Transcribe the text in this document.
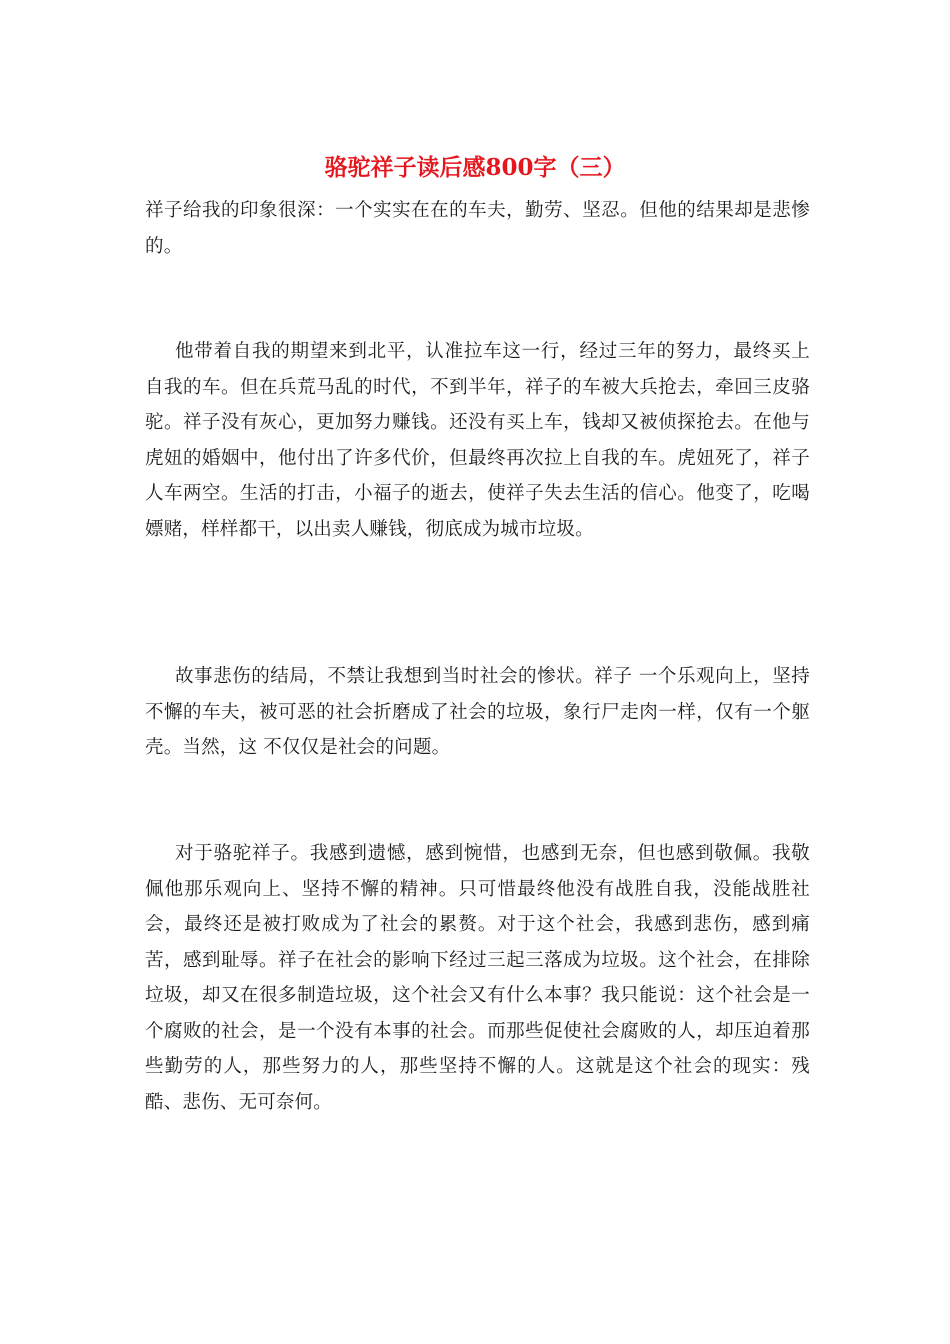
骆驼祥子读后感800字（三）

祥子给我的印象很深：一个实实在在的车夫，勤劳、坚忍。但他的结果却是悲惨的。

他带着自我的期望来到北平，认准拉车这一行，经过三年的努力，最终买上自我的车。但在兵荒马乱的时代，不到半年，祥子的车被大兵抢去，牵回三皮骆驼。祥子没有灰心，更加努力赚钱。还没有买上车，钱却又被侦探抢去。在他与虎妞的婚姻中，他付出了许多代价，但最终再次拉上自我的车。虎妞死了，祥子人车两空。生活的打击，小福子的逝去，使祥子失去生活的信心。他变了，吃喝嫖赌，样样都干，以出卖人赚钱，彻底成为城市垃圾。

故事悲伤的结局，不禁让我想到当时社会的惨状。祥子 一个乐观向上，坚持不懈的车夫，被可恶的社会折磨成了社会的垃圾，象行尸走肉一样，仅有一个躯壳。当然，这 不仅仅是社会的问题。

对于骆驼祥子。我感到遗憾，感到惋惜，也感到无奈，但也感到敬佩。我敬佩他那乐观向上、坚持不懈的精神。只可惜最终他没有战胜自我，没能战胜社会，最终还是被打败成为了社会的累赘。对于这个社会，我感到悲伤，感到痛苦，感到耻辱。祥子在社会的影响下经过三起三落成为垃圾。这个社会，在排除垃圾，却又在很多制造垃圾，这个社会又有什么本事？我只能说：这个社会是一个腐败的社会，是一个没有本事的社会。而那些促使社会腐败的人，却压迫着那些勤劳的人，那些努力的人，那些坚持不懈的人。这就是这个社会的现实：残酷、悲伤、无可奈何。
